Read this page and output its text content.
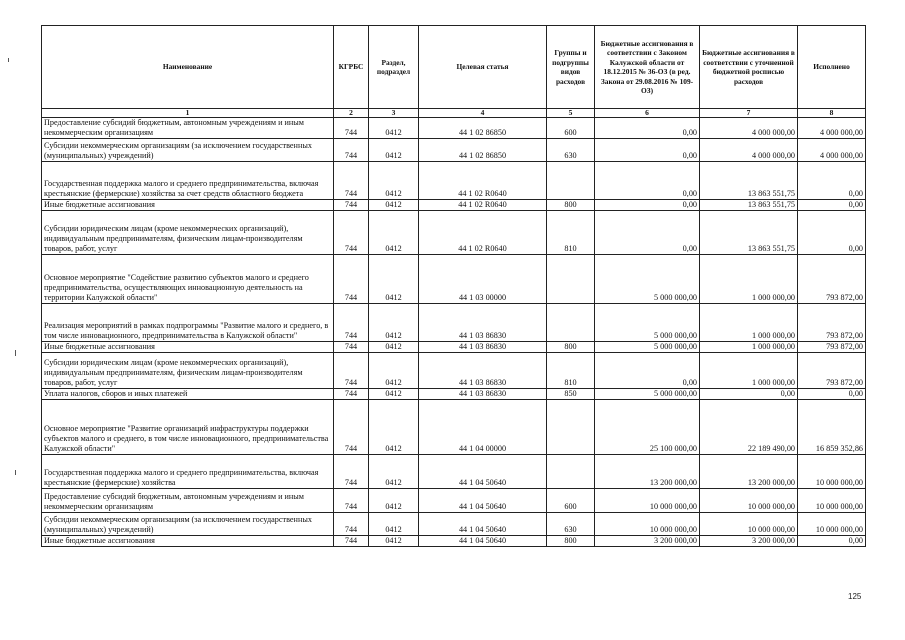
Наименование	КГРБС	Раздел, подраздел	Целевая статья	Группы и подгруппы видов расходов	Бюджетные ассигнования в соответствии с Законом Калужской области от 18.12.2015 № 36-ОЗ (в ред. Закона от 29.08.2016 № 109-ОЗ)	Бюджетные ассигнования в соответствии с уточненной бюджетной росписью расходов	Исполнено
1	2	3	4	5	6	7	8
Предоставление субсидий бюджетным, автономным учреждениям и иным некоммерческим организациям	744	0412	44 1 02 86850	600	0,00	4 000 000,00	4 000 000,00
Субсидии некоммерческим организациям (за исключением государственных (муниципальных) учреждений)	744	0412	44 1 02 86850	630	0,00	4 000 000,00	4 000 000,00
Государственная поддержка малого и среднего предпринимательства, включая крестьянские (фермерские) хозяйства за счет средств областного бюджета	744	0412	44 1 02 R0640		0,00	13 863 551,75	0,00
Иные бюджетные ассигнования	744	0412	44 1 02 R0640	800	0,00	13 863 551,75	0,00
Субсидии юридическим лицам (кроме некоммерческих организаций), индивидуальным предпринимателям, физическим лицам-производителям товаров, работ, услуг	744	0412	44 1 02 R0640	810	0,00	13 863 551,75	0,00
Основное мероприятие "Содействие развитию субъектов малого и среднего предпринимательства, осуществляющих инновационную деятельность на территории Калужской области"	744	0412	44 1 03 00000		5 000 000,00	1 000 000,00	793 872,00
Реализация мероприятий в рамках подпрограммы "Развитие малого и среднего, в том числе инновационного, предпринимательства в Калужской области"	744	0412	44 1 03 86830		5 000 000,00	1 000 000,00	793 872,00
Иные бюджетные ассигнования	744	0412	44 1 03 86830	800	5 000 000,00	1 000 000,00	793 872,00
Субсидии юридическим лицам (кроме некоммерческих организаций), индивидуальным предпринимателям, физическим лицам-производителям товаров, работ, услуг	744	0412	44 1 03 86830	810	0,00	1 000 000,00	793 872,00
Уплата налогов, сборов и иных платежей	744	0412	44 1 03 86830	850	5 000 000,00	0,00	0,00
Основное мероприятие "Развитие организаций инфраструктуры поддержки субъектов малого и среднего, в том числе инновационного, предпринимательства Калужской области"	744	0412	44 1 04 00000		25 100 000,00	22 189 490,00	16 859 352,86
Государственная поддержка малого и среднего предпринимательства, включая крестьянские (фермерские) хозяйства	744	0412	44 1 04 50640		13 200 000,00	13 200 000,00	10 000 000,00
Предоставление субсидий бюджетным, автономным учреждениям и иным некоммерческим организациям	744	0412	44 1 04 50640	600	10 000 000,00	10 000 000,00	10 000 000,00
Субсидии некоммерческим организациям (за исключением государственных (муниципальных) учреждений)	744	0412	44 1 04 50640	630	10 000 000,00	10 000 000,00	10 000 000,00
Иные бюджетные ассигнования	744	0412	44 1 04 50640	800	3 200 000,00	3 200 000,00	0,00
125
